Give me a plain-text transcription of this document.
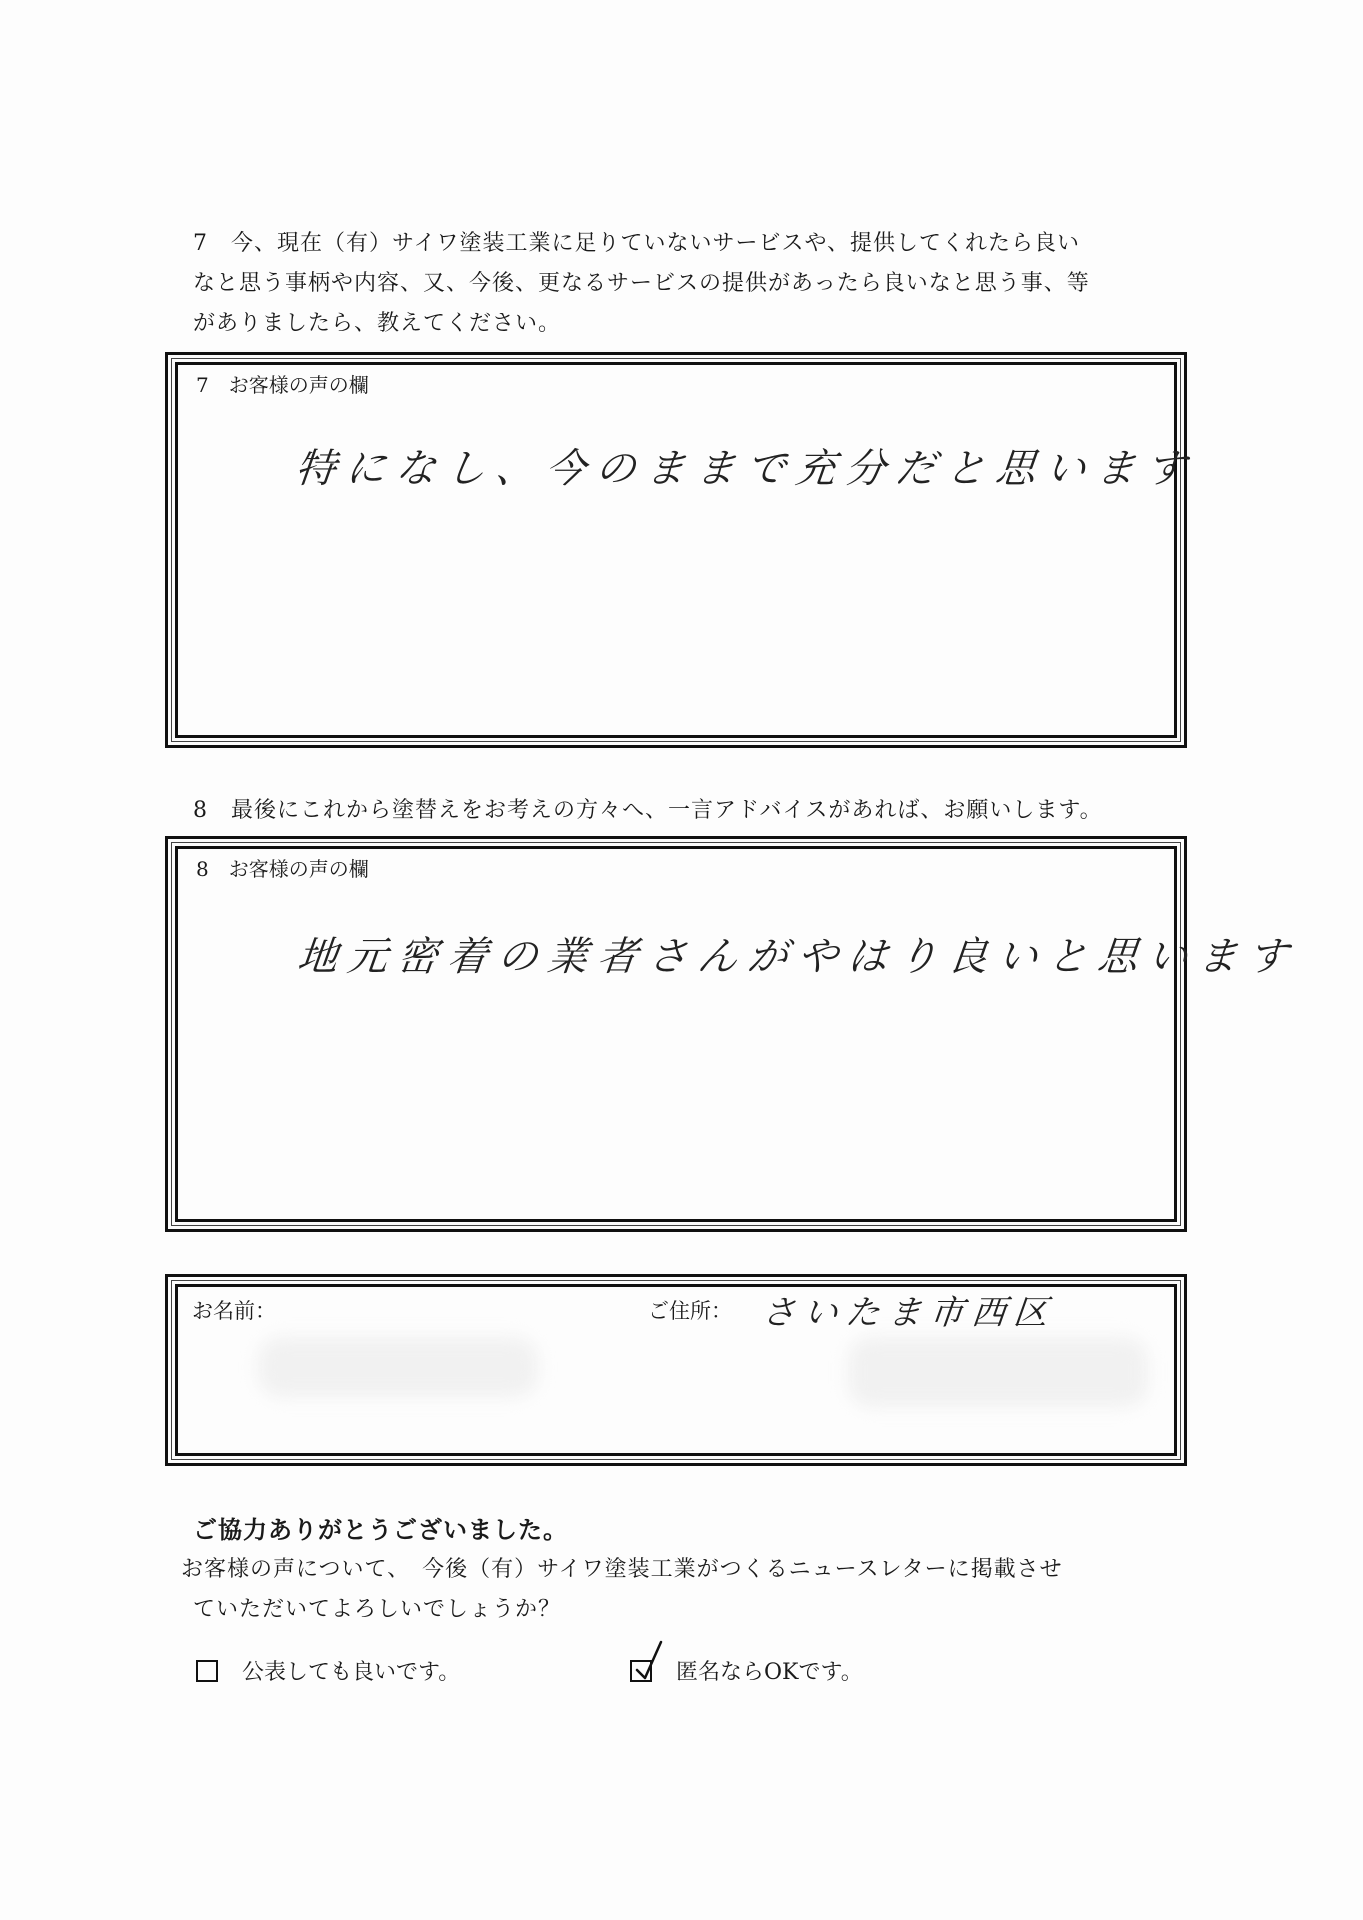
7　今、現在（有）サイワ塗装工業に足りていないサービスや、提供してくれたら良い

なと思う事柄や内容、又、今後、更なるサービスの提供があったら良いなと思う事、等

がありましたら、教えてください。

7　お客様の声の欄
特になし、今のままで充分だと思います

8　最後にこれから塗替えをお考えの方々へ、一言アドバイスがあれば、お願いします。

8　お客様の声の欄
地元密着の業者さんがやはり良いと思います
お名前：	ご住所： さいたま市西区

ご協力ありがとうございました。

お客様の声について、　今後（有）サイワ塗装工業がつくるニュースレターに掲載させ

ていただいてよろしいでしょうか？

公表しても良いです。	匿名ならOKです。
